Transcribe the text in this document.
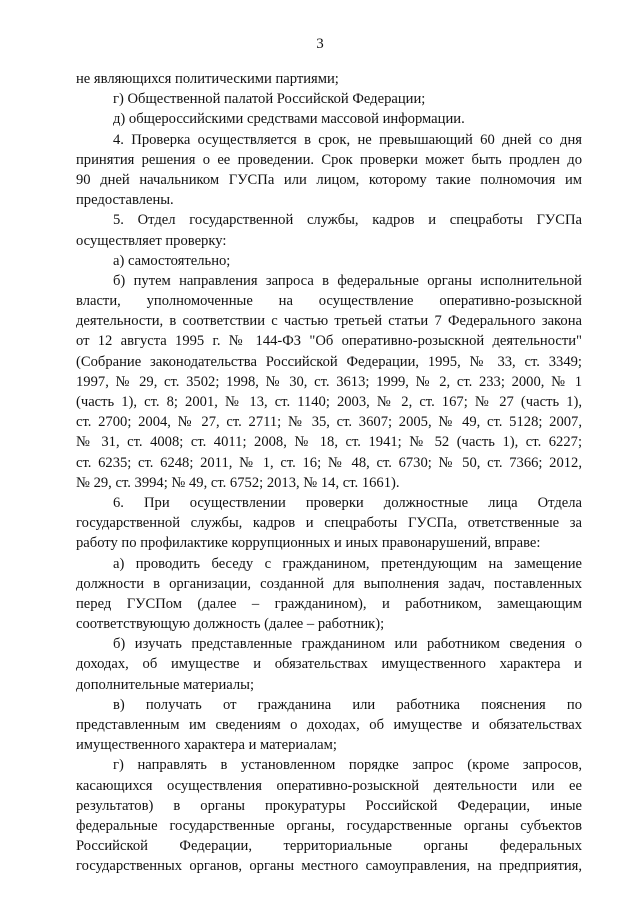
3
не являющихся политическими партиями;
г) Общественной палатой Российской Федерации;
д) общероссийскими средствами массовой информации.
4. Проверка осуществляется в срок, не превышающий 60 дней со дня
принятия решения о ее проведении. Срок проверки может быть продлен до
90 дней начальником ГУСПа или лицом, которому такие полномочия им
предоставлены.
5. Отдел государственной службы, кадров и спецработы ГУСПа
осуществляет проверку:
а) самостоятельно;
б) путем направления запроса в федеральные органы исполнительной
власти, уполномоченные на осуществление оперативно-розыскной
деятельности, в соответствии с частью третьей статьи 7 Федерального закона
от 12 августа 1995 г. № 144-ФЗ "Об оперативно-розыскной деятельности"
(Собрание законодательства Российской Федерации, 1995, № 33, ст. 3349;
1997, № 29, ст. 3502; 1998, № 30, ст. 3613; 1999, № 2, ст. 233; 2000, № 1
(часть 1), ст. 8; 2001, № 13, ст. 1140; 2003, № 2, ст. 167; № 27 (часть 1),
ст. 2700; 2004, № 27, ст. 2711; № 35, ст. 3607; 2005, № 49, ст. 5128; 2007,
№ 31, ст. 4008; ст. 4011; 2008, № 18, ст. 1941; № 52 (часть 1), ст. 6227;
ст. 6235; ст. 6248; 2011, № 1, ст. 16; № 48, ст. 6730; № 50, ст. 7366; 2012,
№ 29, ст. 3994; № 49, ст. 6752; 2013, № 14, ст. 1661).
6. При осуществлении проверки должностные лица Отдела
государственной службы, кадров и спецработы ГУСПа, ответственные за
работу по профилактике коррупционных и иных правонарушений, вправе:
а) проводить беседу с гражданином, претендующим на замещение
должности в организации, созданной для выполнения задач, поставленных
перед ГУСПом (далее – гражданином), и работником, замещающим
соответствующую должность (далее – работник);
б) изучать представленные гражданином или работником сведения о
доходах, об имуществе и обязательствах имущественного характера и
дополнительные материалы;
в) получать от гражданина или работника пояснения по
представленным им сведениям о доходах, об имуществе и обязательствах
имущественного характера и материалам;
г) направлять в установленном порядке запрос (кроме запросов,
касающихся осуществления оперативно-розыскной деятельности или ее
результатов) в органы прокуратуры Российской Федерации, иные
федеральные государственные органы, государственные органы субъектов
Российской Федерации, территориальные органы федеральных
государственных органов, органы местного самоуправления, на предприятия,
